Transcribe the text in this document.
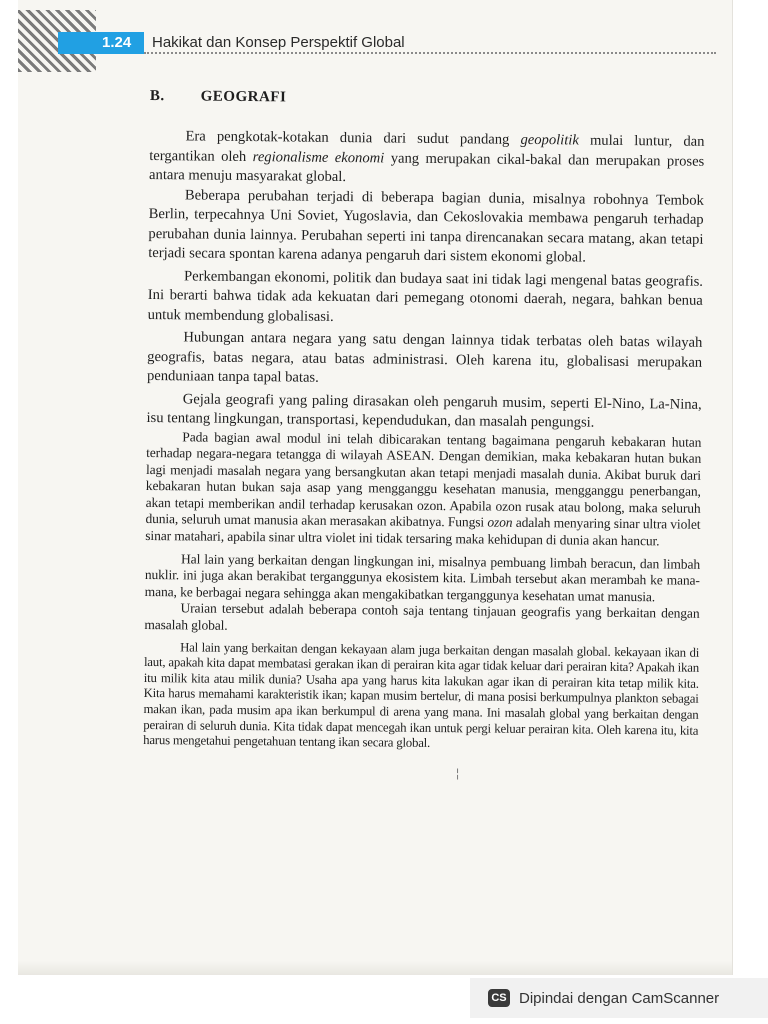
1.24	Hakikat dan Konsep Perspektif Global
B. GEOGRAFI

Era pengkotak-kotakan dunia dari sudut pandang geopolitik mulai luntur, dan tergantikan oleh regionalisme ekonomi yang merupakan cikal-bakal dan merupakan proses antara menuju masyarakat global.

Beberapa perubahan terjadi di beberapa bagian dunia, misalnya robohnya Tembok Berlin, terpecahnya Uni Soviet, Yugoslavia, dan Cekoslovakia membawa pengaruh terhadap perubahan dunia lainnya. Perubahan seperti ini tanpa direncanakan secara matang, akan tetapi terjadi secara spontan karena adanya pengaruh dari sistem ekonomi global.

Perkembangan ekonomi, politik dan budaya saat ini tidak lagi mengenal batas geografis. Ini berarti bahwa tidak ada kekuatan dari pemegang otonomi daerah, negara, bahkan benua untuk membendung globalisasi.

Hubungan antara negara yang satu dengan lainnya tidak terbatas oleh batas wilayah geografis, batas negara, atau batas administrasi. Oleh karena itu, globalisasi merupakan penduniaan tanpa tapal batas.

Gejala geografi yang paling dirasakan oleh pengaruh musim, seperti El-Nino, La-Nina, isu tentang lingkungan, transportasi, kependudukan, dan masalah pengungsi.

Pada bagian awal modul ini telah dibicarakan tentang bagaimana pengaruh kebakaran hutan terhadap negara-negara tetangga di wilayah ASEAN. Dengan demikian, maka kebakaran hutan bukan lagi menjadi masalah negara yang bersangkutan akan tetapi menjadi masalah dunia. Akibat buruk dari kebakaran hutan bukan saja asap yang mengganggu kesehatan manusia, mengganggu penerbangan, akan tetapi memberikan andil terhadap kerusakan ozon. Apabila ozon rusak atau bolong, maka seluruh dunia, seluruh umat manusia akan merasakan akibatnya. Fungsi ozon adalah menyaring sinar ultra violet sinar matahari, apabila sinar ultra violet ini tidak tersaring maka kehidupan di dunia akan hancur.

Hal lain yang berkaitan dengan lingkungan ini, misalnya pembuang limbah beracun, dan limbah nuklir. ini juga akan berakibat terganggunya ekosistem kita. Limbah tersebut akan merambah ke mana-mana, ke berbagai negara sehingga akan mengakibatkan terganggunya kesehatan umat manusia.

Uraian tersebut adalah beberapa contoh saja tentang tinjauan geografis yang berkaitan dengan masalah global.

Hal lain yang berkaitan dengan kekayaan alam juga berkaitan dengan masalah global. kekayaan ikan di laut, apakah kita dapat membatasi gerakan ikan di perairan kita agar tidak keluar dari perairan kita? Apakah ikan itu milik kita atau milik dunia? Usaha apa yang harus kita lakukan agar ikan di perairan kita tetap milik kita. Kita harus memahami karakteristik ikan; kapan musim bertelur, di mana posisi berkumpulnya plankton sebagai makan ikan, pada musim apa ikan berkumpul di arena yang mana. Ini masalah global yang berkaitan dengan perairan di seluruh dunia. Kita tidak dapat mencegah ikan untuk pergi keluar perairan kita. Oleh karena itu, kita harus mengetahui pengetahuan tentang ikan secara global.

¦
CS Dipindai dengan CamScanner
